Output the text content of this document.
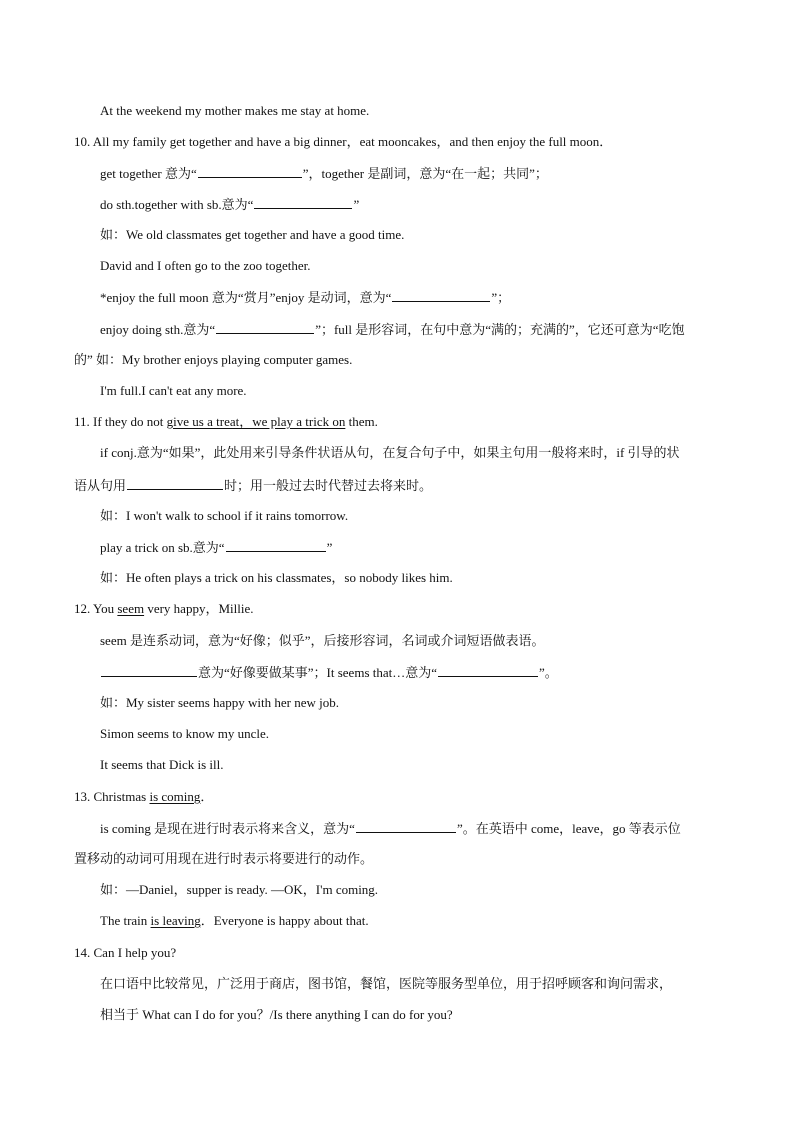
At the weekend my mother makes me stay at home.
10. All my family get together and have a big dinner，eat mooncakes，and then enjoy the full moon．
get together 意为“	”，together 是副词，意为“在一起；共同”；
do sth.together with sb.意为“	”
如：We old classmates get together and have a good time.
David and I often go to the zoo together.
*enjoy the full moon 意为“赏月”enjoy 是动词，意为“	”；
enjoy doing sth.意为“	”；full 是形容词，在句中意为“满的；充满的”，它还可意为“吃饱
的” 如：My brother enjoys playing computer games.
I'm full.I can't eat any more.
11. If they do not give us a treat，we play a trick on them.
if conj.意为“如果”，此处用来引导条件状语从句，在复合句子中，如果主句用一般将来时，if 引导的状
语从句用	时；用一般过去时代替过去将来时。
如：I won't walk to school if it rains tomorrow.
play a trick on sb.意为“	”
如：He often plays a trick on his classmates，so nobody likes him.
12. You seem very happy，Millie.
seem 是连系动词，意为“好像；似乎”，后接形容词，名词或介词短语做表语。
意为“好像要做某事”；It seems that…意为“	”。
如：My sister seems happy with her new job.
Simon seems to know my uncle.
It seems that Dick is ill.
13. Christmas is coming．
is coming 是现在进行时表示将来含义，意为“	”。在英语中 come，leave，go 等表示位
置移动的动词可用现在进行时表示将要进行的动作。
如：—Daniel，supper is ready. —OK，I'm coming.
The train is leaving．Everyone is happy about that.
14. Can I help you?
在口语中比较常见，广泛用于商店，图书馆，餐馆，医院等服务型单位，用于招呼顾客和询问需求，
相当于 What can I do for you？/Is there anything I can do for you?
